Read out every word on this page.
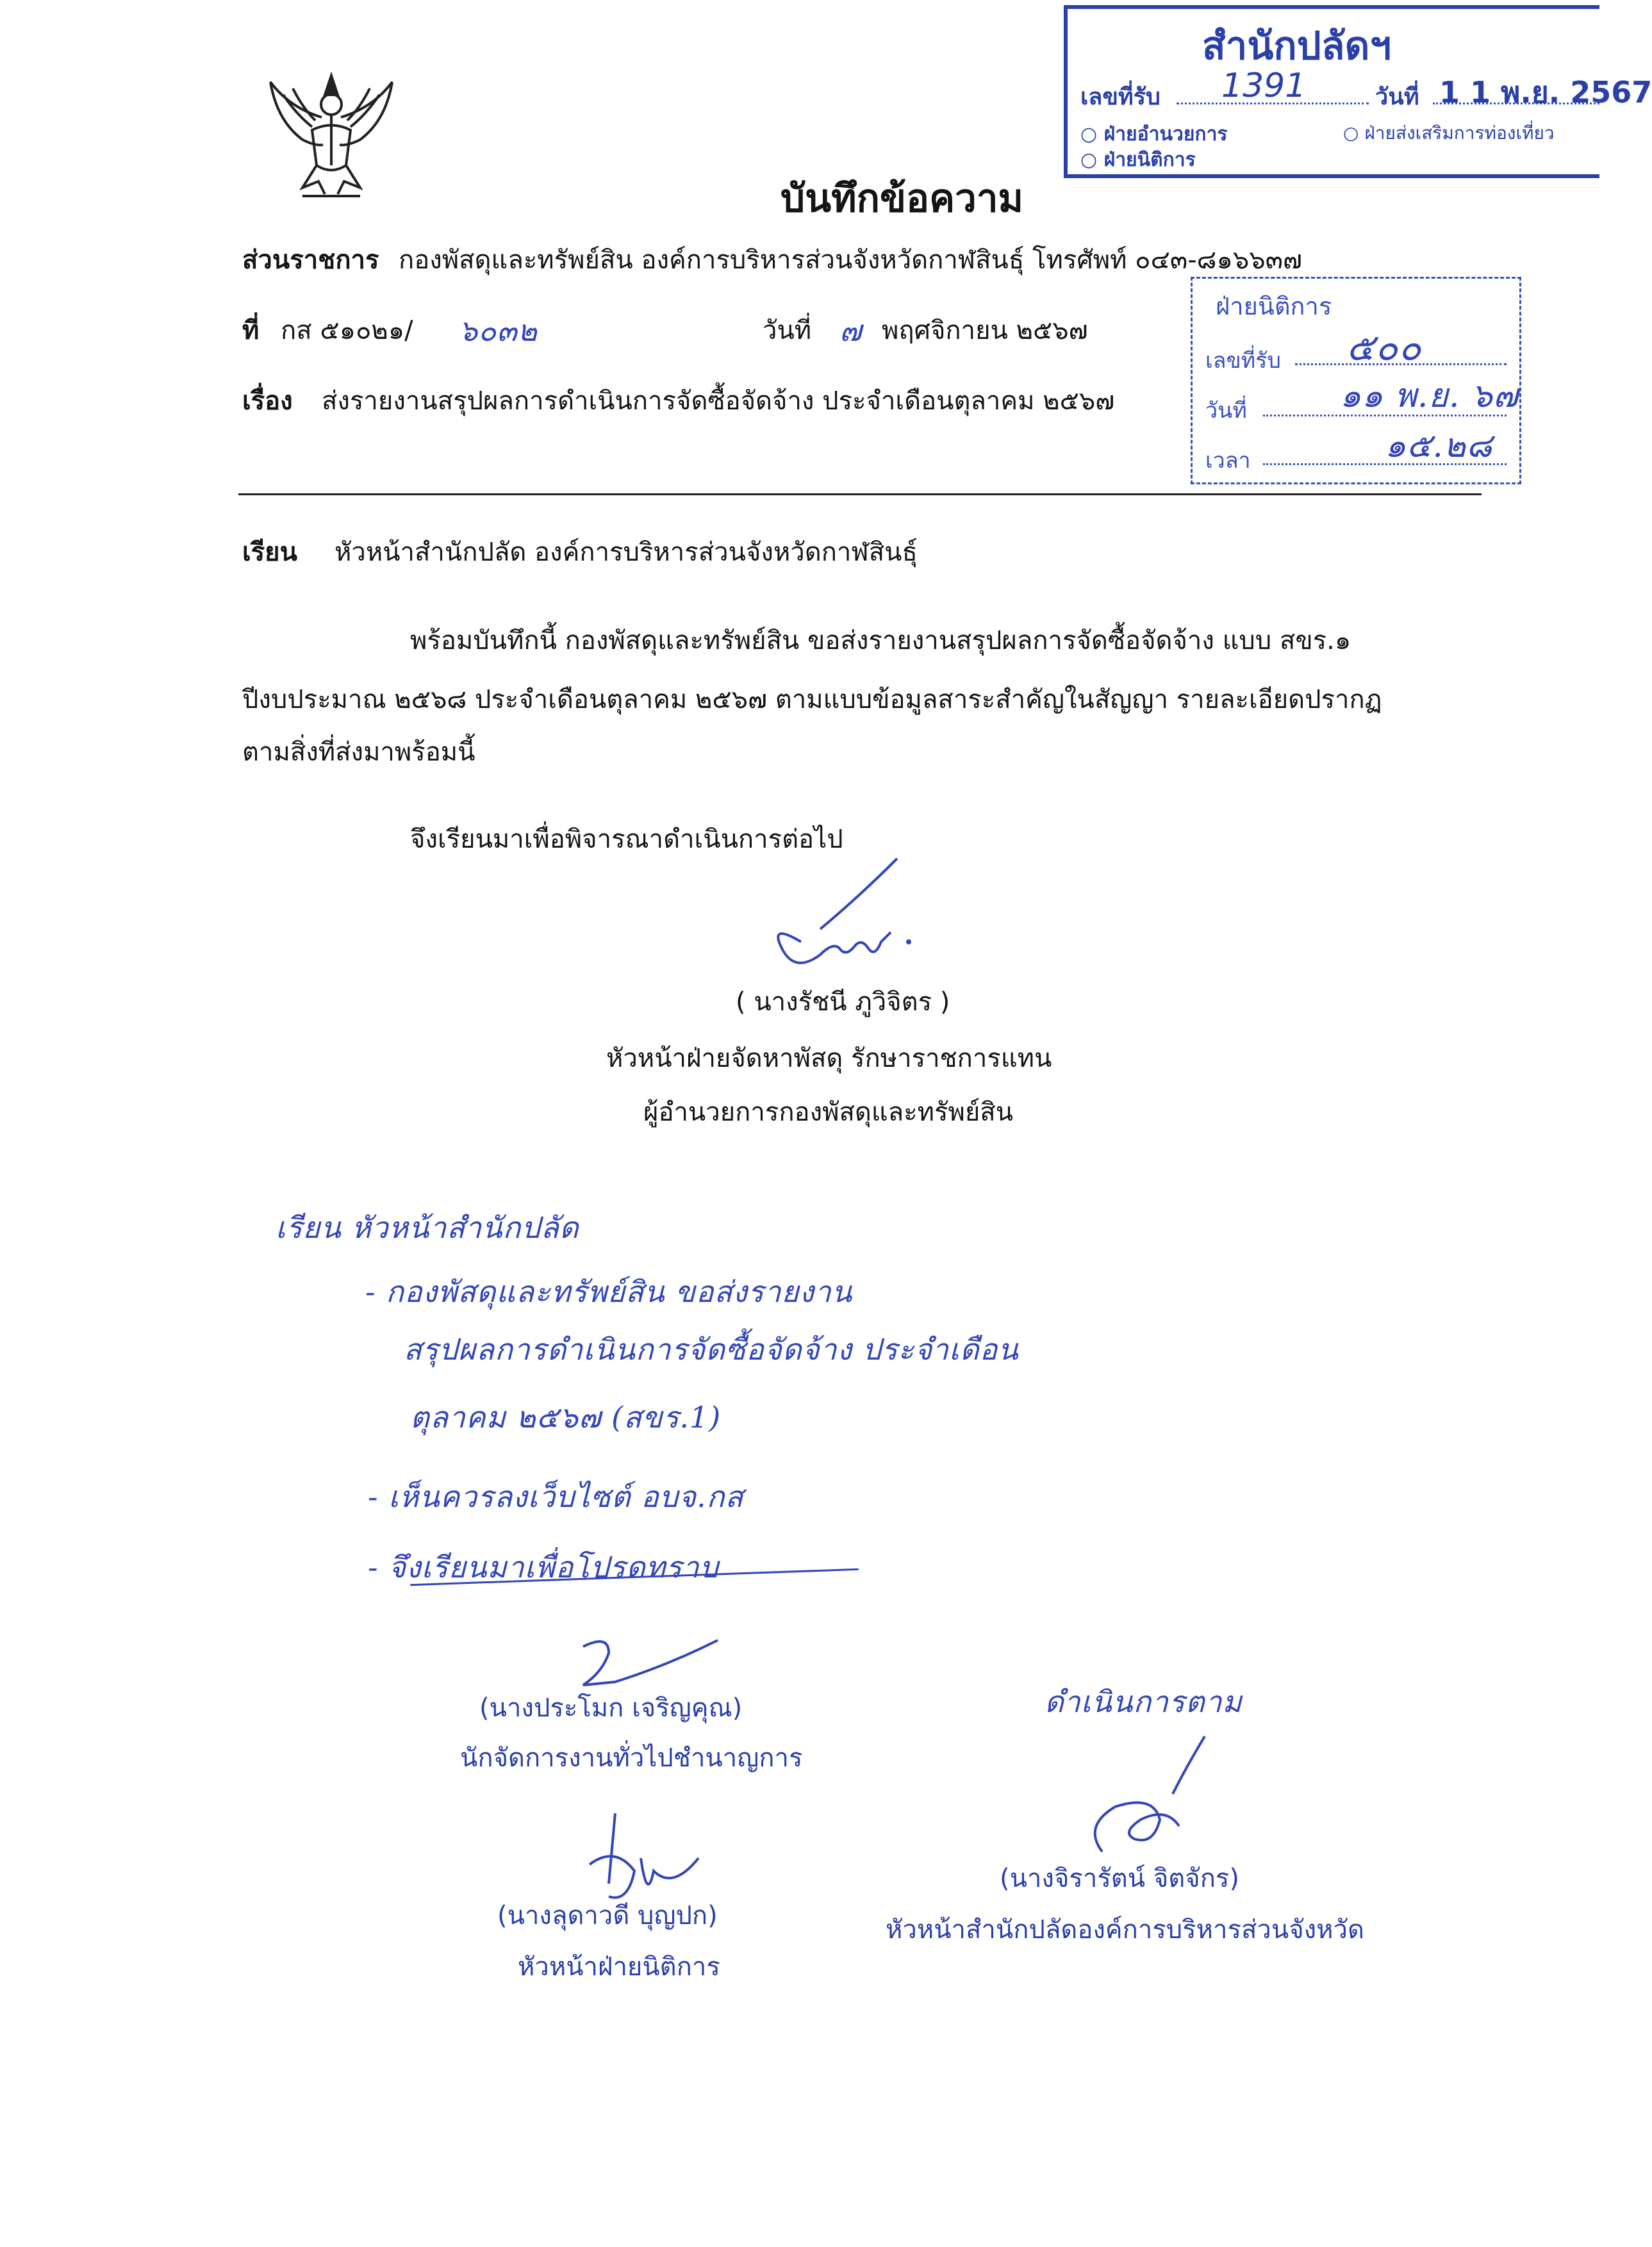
สำนักปลัดฯ
เลขที่รับ 1391	วันที่ 1 1 พ.ย. 2567
○ ฝ่ายอำนวยการ	○ ฝ่ายส่งเสริมการท่องเที่ยว
○ ฝ่ายนิติการ
ฝ่ายนิติการ
เลขที่รับ ๕๐๐
วันที่	๑๑ พ.ย. ๖๗
เวลา	๑๕.๒๘
บันทึกข้อความ
ส่วนราชการ กองพัสดุและทรัพย์สิน องค์การบริหารส่วนจังหวัดกาฬสินธุ์ โทรศัพท์ ๐๔๓-๘๑๖๖๓๗
ที่ กส ๕๑๐๒๑/ ๖๐๓๒	วันที่ ๗ พฤศจิกายน ๒๕๖๗
เรื่อง ส่งรายงานสรุปผลการดำเนินการจัดซื้อจัดจ้าง ประจำเดือนตุลาคม ๒๕๖๗
เรียน หัวหน้าสำนักปลัด องค์การบริหารส่วนจังหวัดกาฬสินธุ์
พร้อมบันทึกนี้ กองพัสดุและทรัพย์สิน ขอส่งรายงานสรุปผลการจัดซื้อจัดจ้าง แบบ สขร.๑
ปีงบประมาณ ๒๕๖๘ ประจำเดือนตุลาคม ๒๕๖๗ ตามแบบข้อมูลสาระสำคัญในสัญญา รายละเอียดปรากฏ
ตามสิ่งที่ส่งมาพร้อมนี้
จึงเรียนมาเพื่อพิจารณาดำเนินการต่อไป
( นางรัชนี ภูวิจิตร )
หัวหน้าฝ่ายจัดหาพัสดุ รักษาราชการแทน
ผู้อำนวยการกองพัสดุและทรัพย์สิน
เรียน หัวหน้าสำนักปลัด
- กองพัสดุและทรัพย์สิน ขอส่งรายงาน
สรุปผลการดำเนินการจัดซื้อจัดจ้าง ประจำเดือน
ตุลาคม ๒๕๖๗ (สขร.1)
- เห็นควรลงเว็บไซต์ อบจ.กส
- จึงเรียนมาเพื่อโปรดทราบ
ดำเนินการตาม
(นางประโมก เจริญคุณ)
นักจัดการงานทั่วไปชำนาญการ
(นางจิรารัตน์ จิตจักร)
หัวหน้าสำนักปลัดองค์การบริหารส่วนจังหวัด
(นางลุดาวดี บุญปก)
หัวหน้าฝ่ายนิติการ
